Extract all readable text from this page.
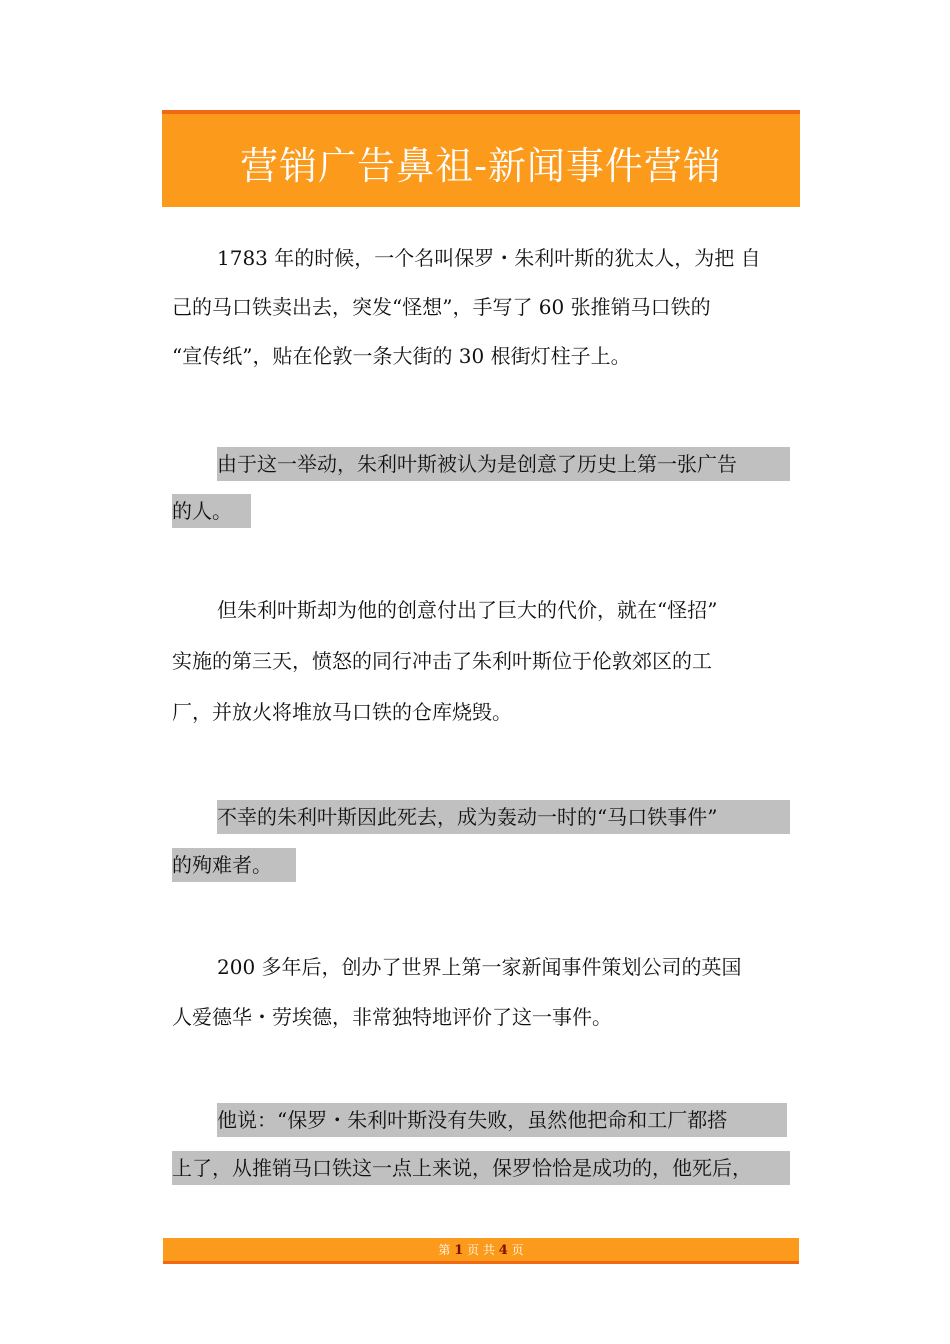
营销广告鼻祖-新闻事件营销
1783 年的时候，一个名叫保罗・朱利叶斯的犹太人，为把 自
己的马口铁卖出去，突发“怪想”，手写了 60 张推销马口铁的
“宣传纸”，贴在伦敦一条大街的 30 根街灯柱子上。
由于这一举动，朱利叶斯被认为是创意了历史上第一张广告
的人。
但朱利叶斯却为他的创意付出了巨大的代价，就在“怪招”
实施的第三天，愤怒的同行冲击了朱利叶斯位于伦敦郊区的工
厂，并放火将堆放马口铁的仓库烧毁。
不幸的朱利叶斯因此死去，成为轰动一时的“马口铁事件”
的殉难者。
200 多年后，创办了世界上第一家新闻事件策划公司的英国
人爱德华・劳埃德，非常独特地评价了这一事件。
他说：“保罗・朱利叶斯没有失败，虽然他把命和工厂都搭
上了，从推销马口铁这一点上来说，保罗恰恰是成功的，他死后，
第 1 页 共 4 页
